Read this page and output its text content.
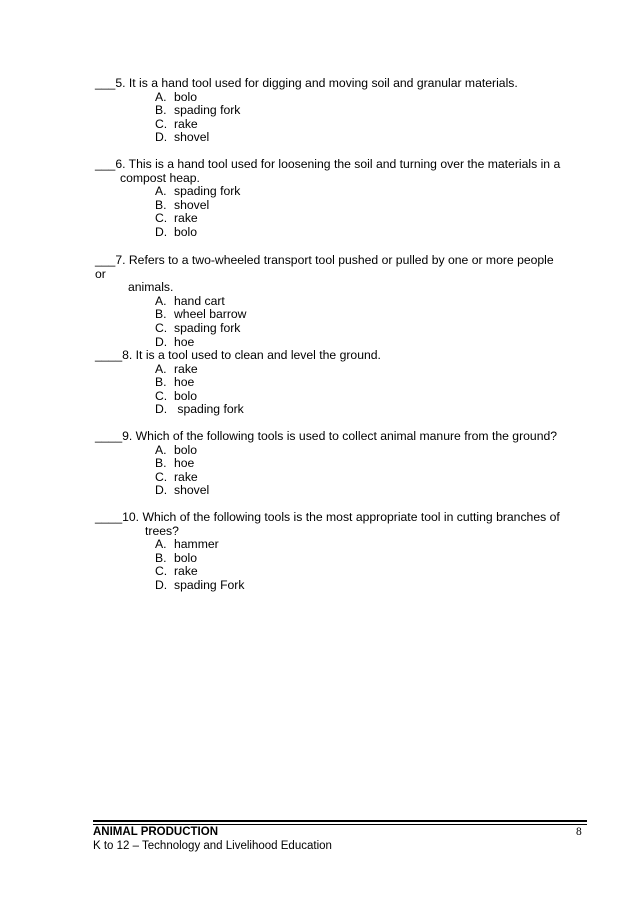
___5. It is a hand tool used for digging and moving soil and granular materials.
A. bolo
B. spading fork
C. rake
D. shovel
___6. This is a hand tool used for loosening the soil and turning over the materials in a
compost heap.
A. spading fork
B. shovel
C. rake
D. bolo
___7. Refers to a two-wheeled transport tool pushed or pulled by one or more people or
animals.
A. hand cart
B. wheel barrow
C. spading fork
D. hoe
____8. It is a tool used to clean and level the ground.
A. rake
B. hoe
C. bolo
D. spading fork
____9. Which of the following tools is used to collect animal manure from the ground?
A. bolo
B. hoe
C. rake
D. shovel
____10. Which of the following tools is the most appropriate tool in cutting branches of
trees?
A. hammer
B. bolo
C. rake
D. spading Fork
ANIMAL PRODUCTION	8
K to 12 – Technology and Livelihood Education
